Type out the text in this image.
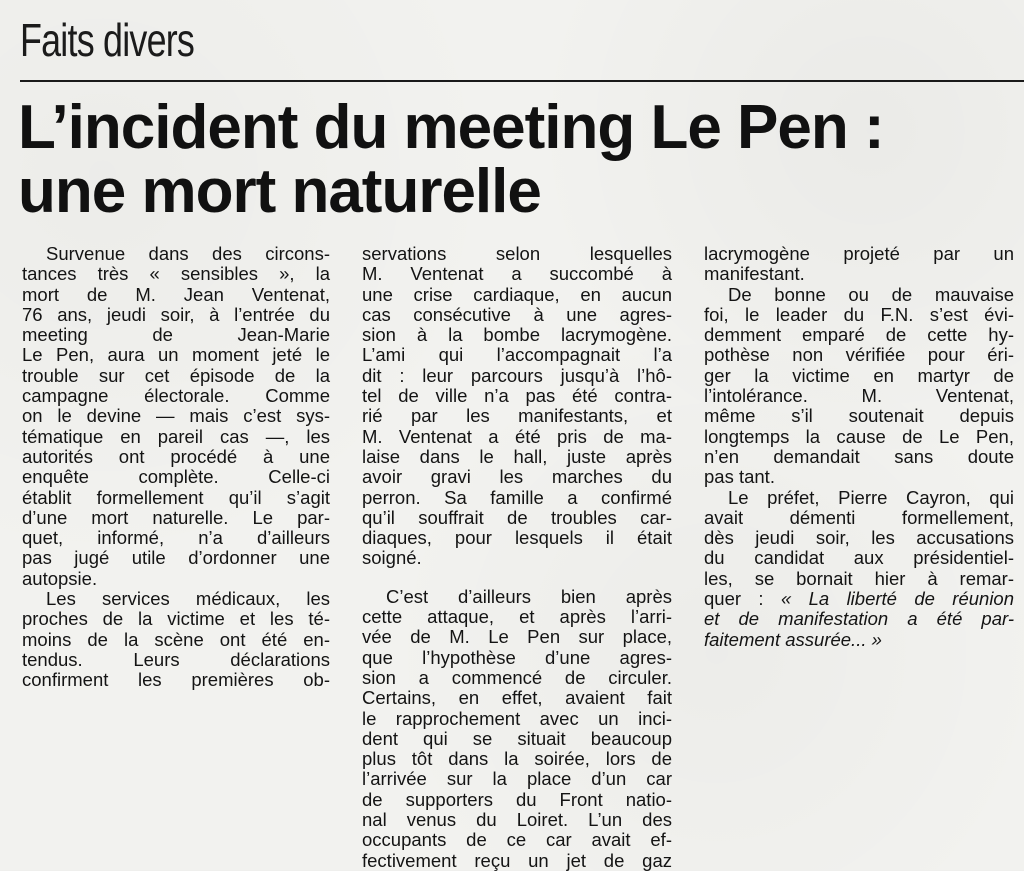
Faits divers
L’incident du meeting Le Pen :
une mort naturelle
Survenue dans des circons-
tances très « sensibles », la
mort de M. Jean Ventenat,
76 ans, jeudi soir, à l’entrée du
meeting de Jean-Marie
Le Pen, aura un moment jeté le
trouble sur cet épisode de la
campagne électorale. Comme
on le devine — mais c’est sys-
tématique en pareil cas —, les
autorités ont procédé à une
enquête complète. Celle-ci
établit formellement qu’il s’agit
d’une mort naturelle. Le par-
quet, informé, n’a d’ailleurs
pas jugé utile d’ordonner une
autopsie.
Les services médicaux, les
proches de la victime et les té-
moins de la scène ont été en-
tendus. Leurs déclarations
confirment les premières ob-
servations selon lesquelles
M. Ventenat a succombé à
une crise cardiaque, en aucun
cas consécutive à une agres-
sion à la bombe lacrymogène.
L’ami qui l’accompagnait l’a
dit : leur parcours jusqu’à l’hô-
tel de ville n’a pas été contra-
rié par les manifestants, et
M. Ventenat a été pris de ma-
laise dans le hall, juste après
avoir gravi les marches du
perron. Sa famille a confirmé
qu’il souffrait de troubles car-
diaques, pour lesquels il était
soigné.
C’est d’ailleurs bien après
cette attaque, et après l’arri-
vée de M. Le Pen sur place,
que l’hypothèse d’une agres-
sion a commencé de circuler.
Certains, en effet, avaient fait
le rapprochement avec un inci-
dent qui se situait beaucoup
plus tôt dans la soirée, lors de
l’arrivée sur la place d’un car
de supporters du Front natio-
nal venus du Loiret. L’un des
occupants de ce car avait ef-
fectivement reçu un jet de gaz
lacrymogène projeté par un
manifestant.
De bonne ou de mauvaise
foi, le leader du F.N. s’est évi-
demment emparé de cette hy-
pothèse non vérifiée pour éri-
ger la victime en martyr de
l’intolérance. M. Ventenat,
même s’il soutenait depuis
longtemps la cause de Le Pen,
n’en demandait sans doute
pas tant.
Le préfet, Pierre Cayron, qui
avait démenti formellement,
dès jeudi soir, les accusations
du candidat aux présidentiel-
les, se bornait hier à remar-
quer : « La liberté de réunion
et de manifestation a été par-
faitement assurée... »
